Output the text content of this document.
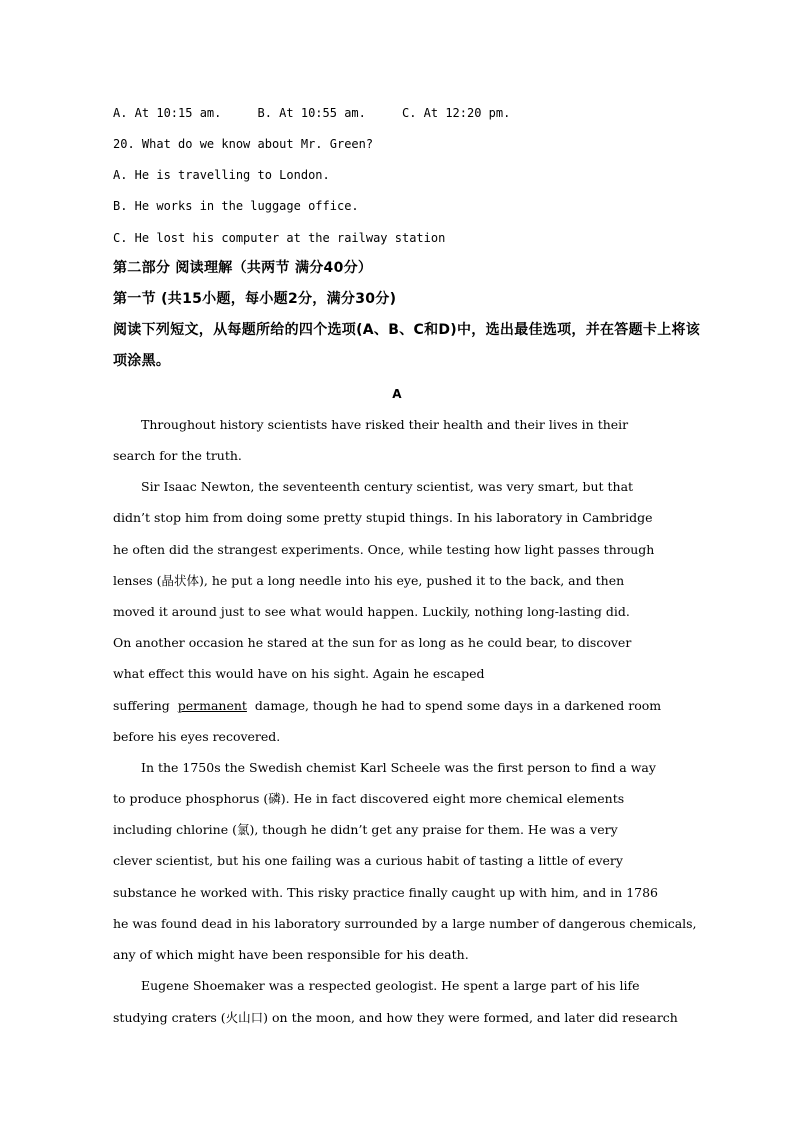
A. At 10:15 am.     B. At 10:55 am.     C. At 12:20 pm.
20. What do we know about Mr. Green?
A. He is travelling to London.
B. He works in the luggage office.
C. He lost his computer at the railway station
第二部分 阅读理解（共两节 满分40分）
第一节 (共15小题，每小题2分，满分30分)
阅读下列短文，从每题所给的四个选项(A、B、C和D)中，选出最佳选项，并在答题卡上将该
项涂黑。
A
Throughout history scientists have risked their health and their lives in their
search for the truth.
Sir Isaac Newton, the seventeenth century scientist, was very smart, but that
didn’t stop him from doing some pretty stupid things. In his laboratory in Cambridge
he often did the strangest experiments. Once, while testing how light passes through
lenses (晶状体), he put a long needle into his eye, pushed it to the back, and then
moved it around just to see what would happen. Luckily, nothing long-lasting did.
On another occasion he stared at the sun for as long as he could bear, to discover
what effect this would have on his sight. Again he escaped
suffering  permanent  damage, though he had to spend some days in a darkened room
before his eyes recovered.
In the 1750s the Swedish chemist Karl Scheele was the first person to find a way
to produce phosphorus (磷). He in fact discovered eight more chemical elements
including chlorine (氯), though he didn’t get any praise for them. He was a very
clever scientist, but his one failing was a curious habit of tasting a little of every
substance he worked with. This risky practice finally caught up with him, and in 1786
he was found dead in his laboratory surrounded by a large number of dangerous chemicals,
any of which might have been responsible for his death.
Eugene Shoemaker was a respected geologist. He spent a large part of his life
studying craters (火山口) on the moon, and how they were formed, and later did research
